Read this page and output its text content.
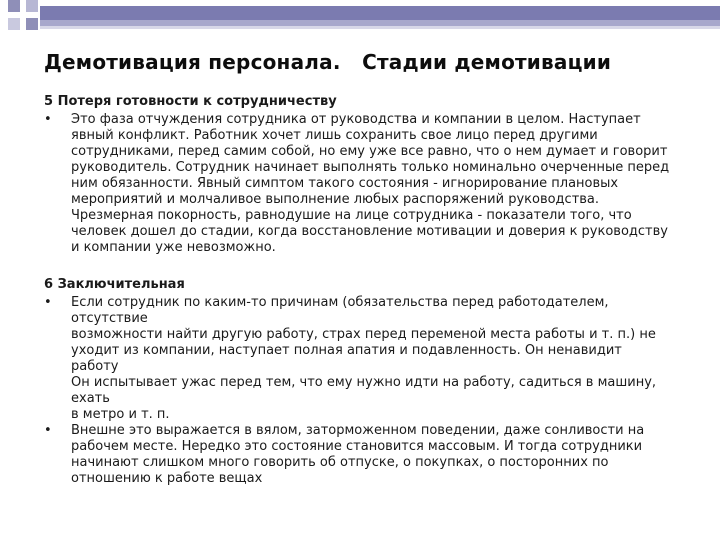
Демотивация персонала.   Стадии демотивации
5 Потеря готовности к сотрудничеству

• Это фаза отчуждения сотрудника от руководства и компании в целом. Наступает явный конфликт. Работник хочет лишь сохранить свое лицо перед другими сотрудниками, перед самим собой, но ему уже все равно, что о нем думает и говорит руководитель. Сотрудник начинает выполнять только номинально очерченные перед ним обязанности. Явный симптом такого состояния - игнорирование плановых мероприятий и молчаливое выполнение любых распоряжений руководства. Чрезмерная покорность, равнодушие на лице сотрудника - показатели того, что человек дошел до стадии, когда восстановление мотивации и доверия к руководству и компании уже невозможно.

6 Заключительная

• Если сотрудник по каким-то причинам (обязательства перед работодателем, отсутствие
возможности найти другую работу, страх перед переменой места работы и т. п.) не
уходит из компании, наступает полная апатия и подавленность. Он ненавидит работу
Он испытывает ужас перед тем, что ему нужно идти на работу, садиться в машину, ехать
в метро и т. п.

• Внешне это выражается в вялом, заторможенном поведении, даже сонливости на рабочем месте. Нередко это состояние становится массовым. И тогда сотрудники начинают слишком много говорить об отпуске, о покупках, о посторонних по отношению к работе вещах
